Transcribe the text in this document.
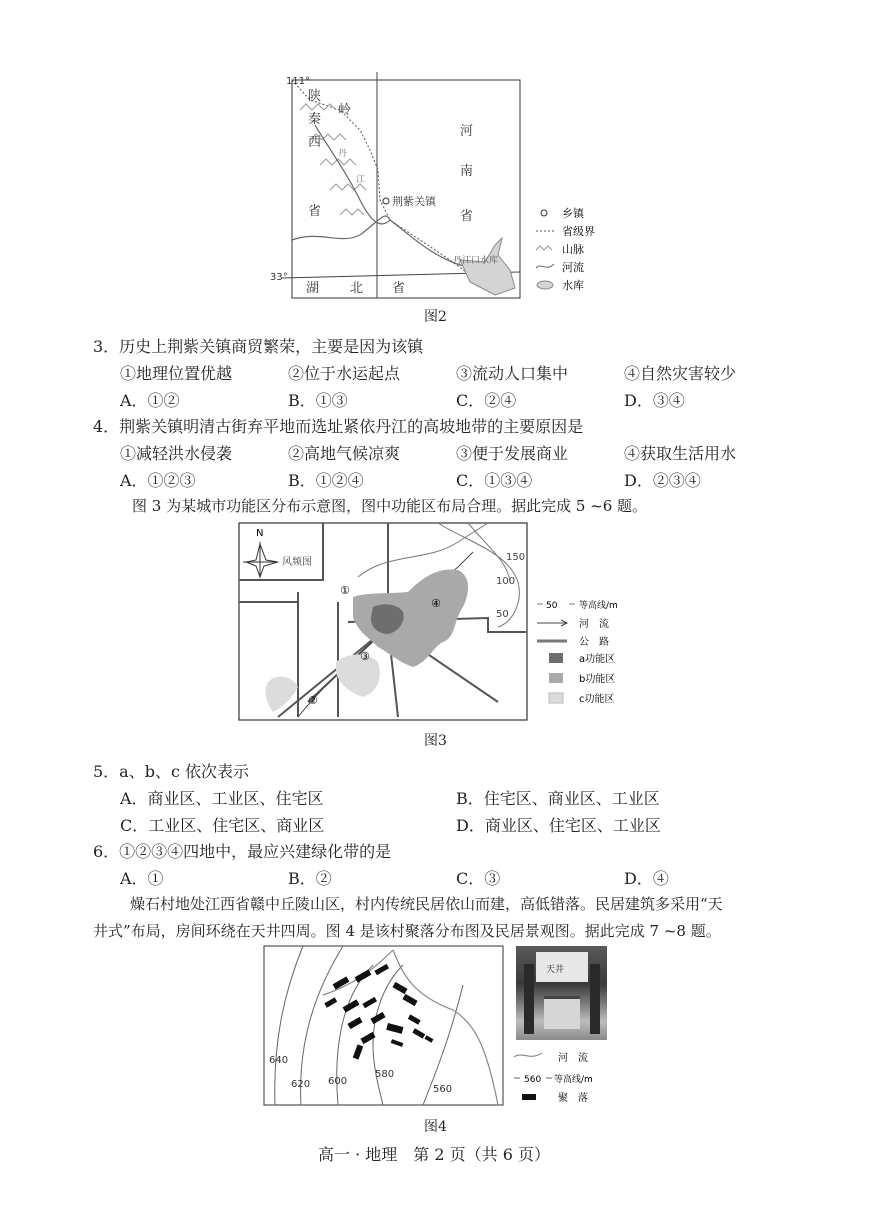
111°
33°
陕
秦
西
岭
省
河
南
省
湖 北 省
丹
江
荆紫关镇
丹江口水库
乡镇
省级界
山脉
河流
水库
图2
3．历史上荆紫关镇商贸繁荣，主要是因为该镇
①地理位置优越	②位于水运起点	③流动人口集中	④自然灾害较少
A．①②	B．①③	C．②④	D．③④
4．荆紫关镇明清古街弃平地而选址紧依丹江的高坡地带的主要原因是
①减轻洪水侵袭	②高地气候凉爽	③便于发展商业	④获取生活用水
A．①②③	B．①②④	C．①③④	D．②③④
图 3 为某城市功能区分布示意图，图中功能区布局合理。据此完成 5 ~6 题。
N
风频图	150
100
50
①
②
③
④	50 等高线/m
河　流
公　路
a功能区
b功能区
c功能区
图3
5．a、b、c 依次表示
A．商业区、工业区、住宅区	B．住宅区、商业区、工业区
C．工业区、住宅区、商业区	D．商业区、住宅区、工业区
6．①②③④四地中，最应兴建绿化带的是
A．①	B．②	C．③	D．④
燥石村地处江西省赣中丘陵山区，村内传统民居依山而建，高低错落。民居建筑多采用“天
井式”布局，房间环绕在天井四周。图 4 是该村聚落分布图及民居景观图。据此完成 7 ~8 题。
640
620 600
580
560
天井
河　流
560 等高线/m
聚　落
图4
高一 · 地理　第 2 页（共 6 页）
